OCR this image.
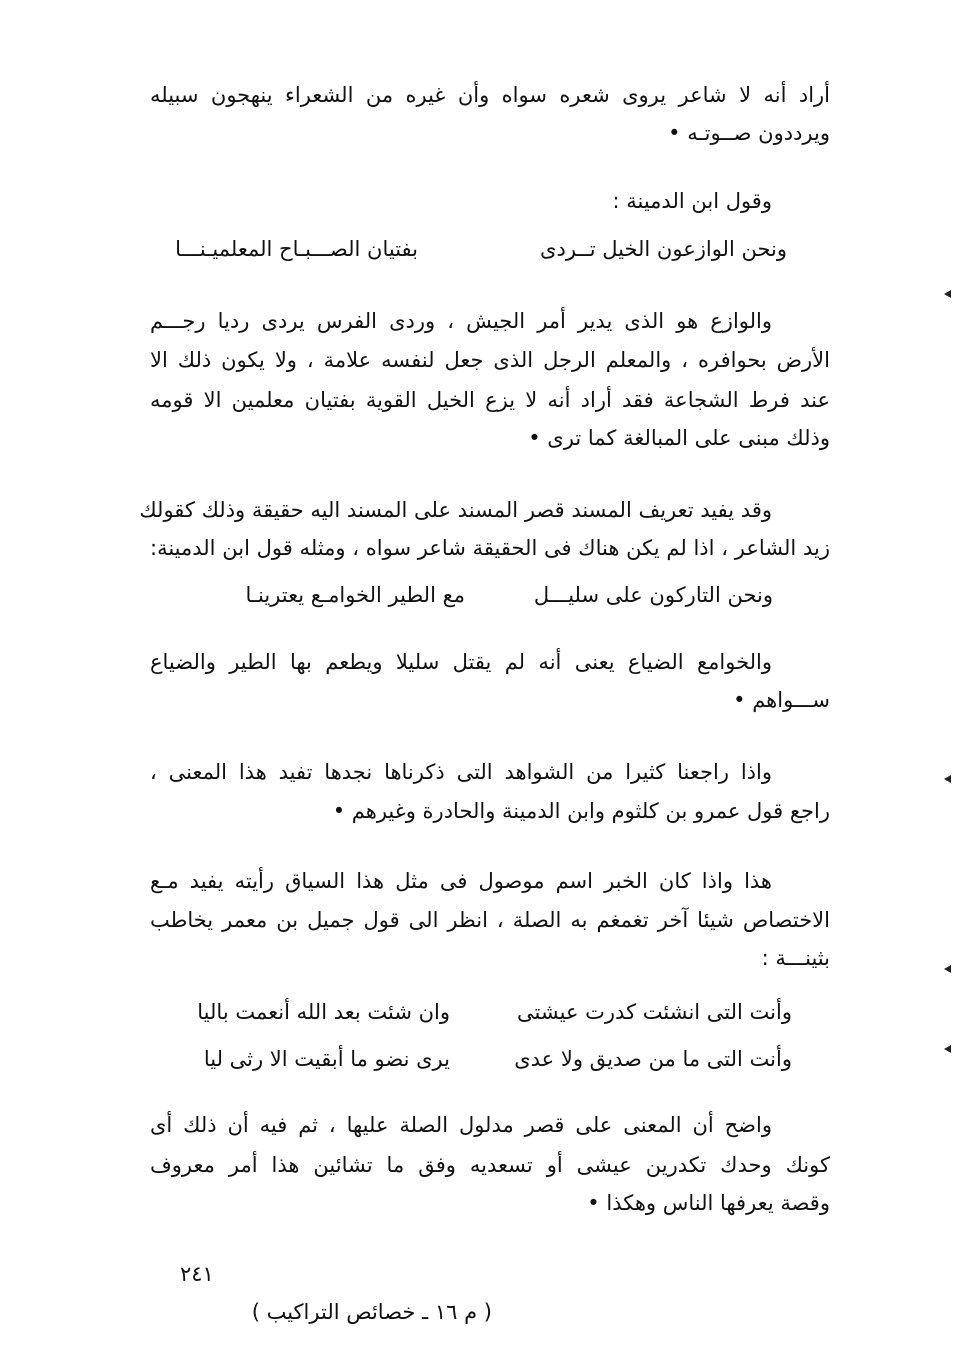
أراد أنه لا شاعر يروى شعره سواه وأن غيره من الشعراء ينهجون سبيله
ويرددون صــوتـه •
وقول ابن الدمينة :
ونحن الوازعون الخيل تــردى
بفتيان الصـــبـاح المعلميـنـــا
والوازع هو الذى يدير أمر الجيش ، وردى الفرس يردى رديا رجـــم
الأرض بحوافره ، والمعلم الرجل الذى جعل لنفسه علامة ، ولا يكون ذلك الا
عند فرط الشجاعة فقد أراد أنه لا يزع الخيل القوية بفتيان معلمين الا قومه
وذلك مبنى على المبالغة كما ترى •
وقد يفيد تعريف المسند قصر المسند على المسند اليه حقيقة وذلك كقولك
زيد الشاعر ، اذا لم يكن هناك فى الحقيقة شاعر سواه ، ومثله قول ابن الدمينة:
ونحن التاركون على سليـــل
مع الطير الخوامـع يعترينـا
والخوامع الضياع يعنى أنه لم يقتل سليلا ويطعم بها الطير والضياع
ســـواهم •
واذا راجعنا كثيرا من الشواهد التى ذكرناها نجدها تفيد هذا المعنى ،
راجع قول عمرو بن كلثوم وابن الدمينة والحادرة وغيرهم •
هذا واذا كان الخبر اسم موصول فى مثل هذا السياق رأيته يفيد مـع
الاختصاص شيئا آخر تغمغم به الصلة ، انظر الى قول جميل بن معمر يخاطب
بثينـــة :
وأنت التى انشئت كدرت عيشتى
وان شئت بعد الله أنعمت باليا
وأنت التى ما من صديق ولا عدى
يرى نضو ما أبقيت الا رثى ليا
واضح أن المعنى على قصر مدلول الصلة عليها ، ثم فيه أن ذلك أى
كونك وحدك تكدرين عيشى أو تسعديه وفق ما تشائين هذا أمر معروف
وقصة يعرفها الناس وهكذا •
٢٤١
( م ١٦ ـ خصائص التراكيب )
